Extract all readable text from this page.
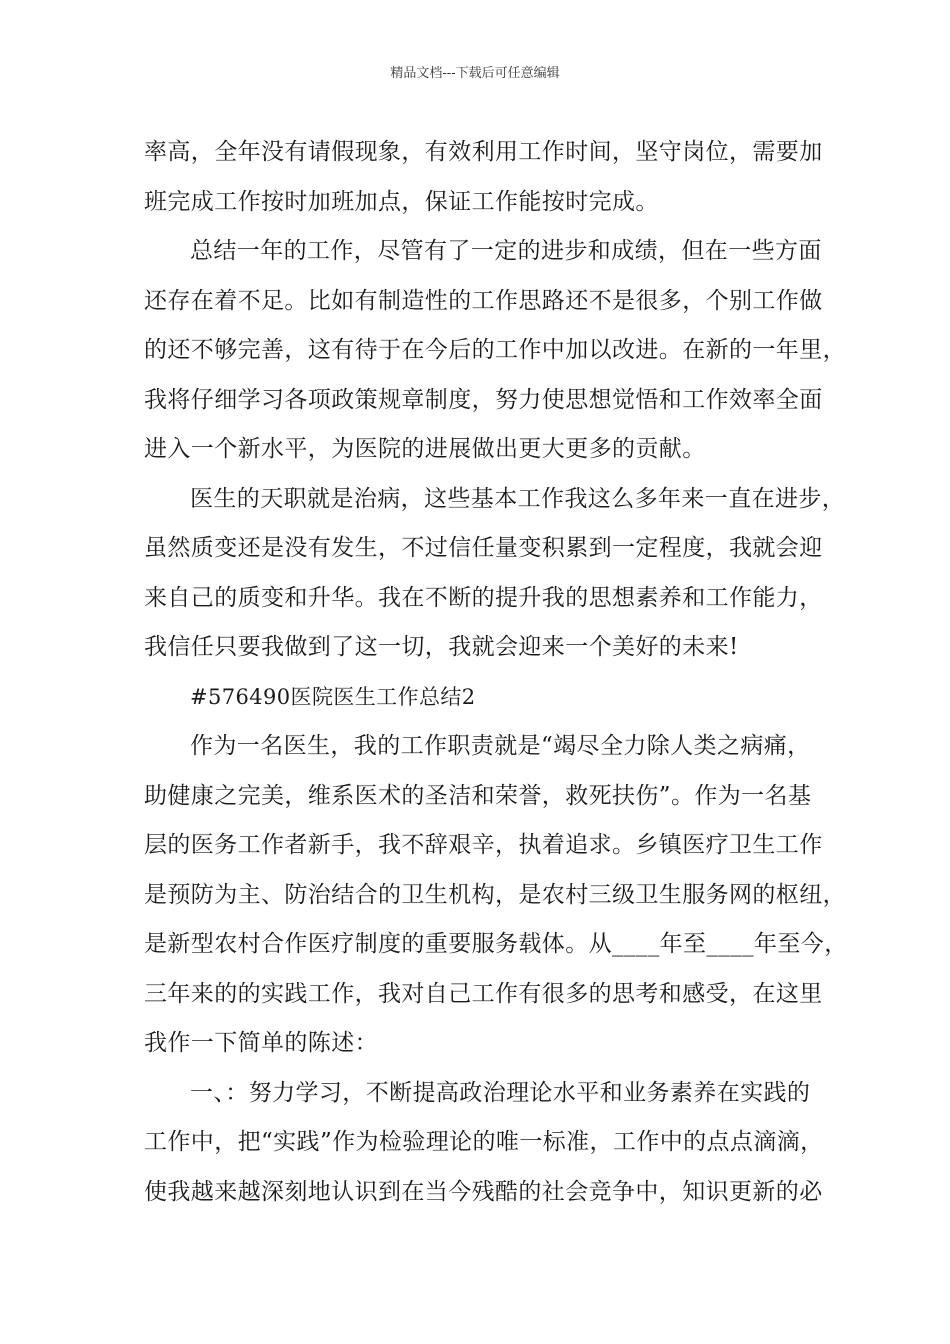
精品文档---下载后可任意编辑
率高，全年没有请假现象，有效利用工作时间，坚守岗位，需要加
班完成工作按时加班加点，保证工作能按时完成。
总结一年的工作，尽管有了一定的进步和成绩，但在一些方面
还存在着不足。比如有制造性的工作思路还不是很多，个别工作做
的还不够完善，这有待于在今后的工作中加以改进。在新的一年里，
我将仔细学习各项政策规章制度，努力使思想觉悟和工作效率全面
进入一个新水平，为医院的进展做出更大更多的贡献。
医生的天职就是治病，这些基本工作我这么多年来一直在进步，
虽然质变还是没有发生，不过信任量变积累到一定程度，我就会迎
来自己的质变和升华。我在不断的提升我的思想素养和工作能力，
我信任只要我做到了这一切，我就会迎来一个美好的未来!
#576490医院医生工作总结2
作为一名医生，我的工作职责就是“竭尽全力除人类之病痛，
助健康之完美，维系医术的圣洁和荣誉，救死扶伤”。作为一名基
层的医务工作者新手，我不辞艰辛，执着追求。乡镇医疗卫生工作
是预防为主、防治结合的卫生机构，是农村三级卫生服务网的枢纽，
是新型农村合作医疗制度的重要服务载体。从____年至____年至今，
三年来的的实践工作，我对自己工作有很多的思考和感受，在这里
我作一下简单的陈述：
一、：努力学习，不断提高政治理论水平和业务素养在实践的
工作中，把“实践”作为检验理论的唯一标准，工作中的点点滴滴，
使我越来越深刻地认识到在当今残酷的社会竞争中，知识更新的必
